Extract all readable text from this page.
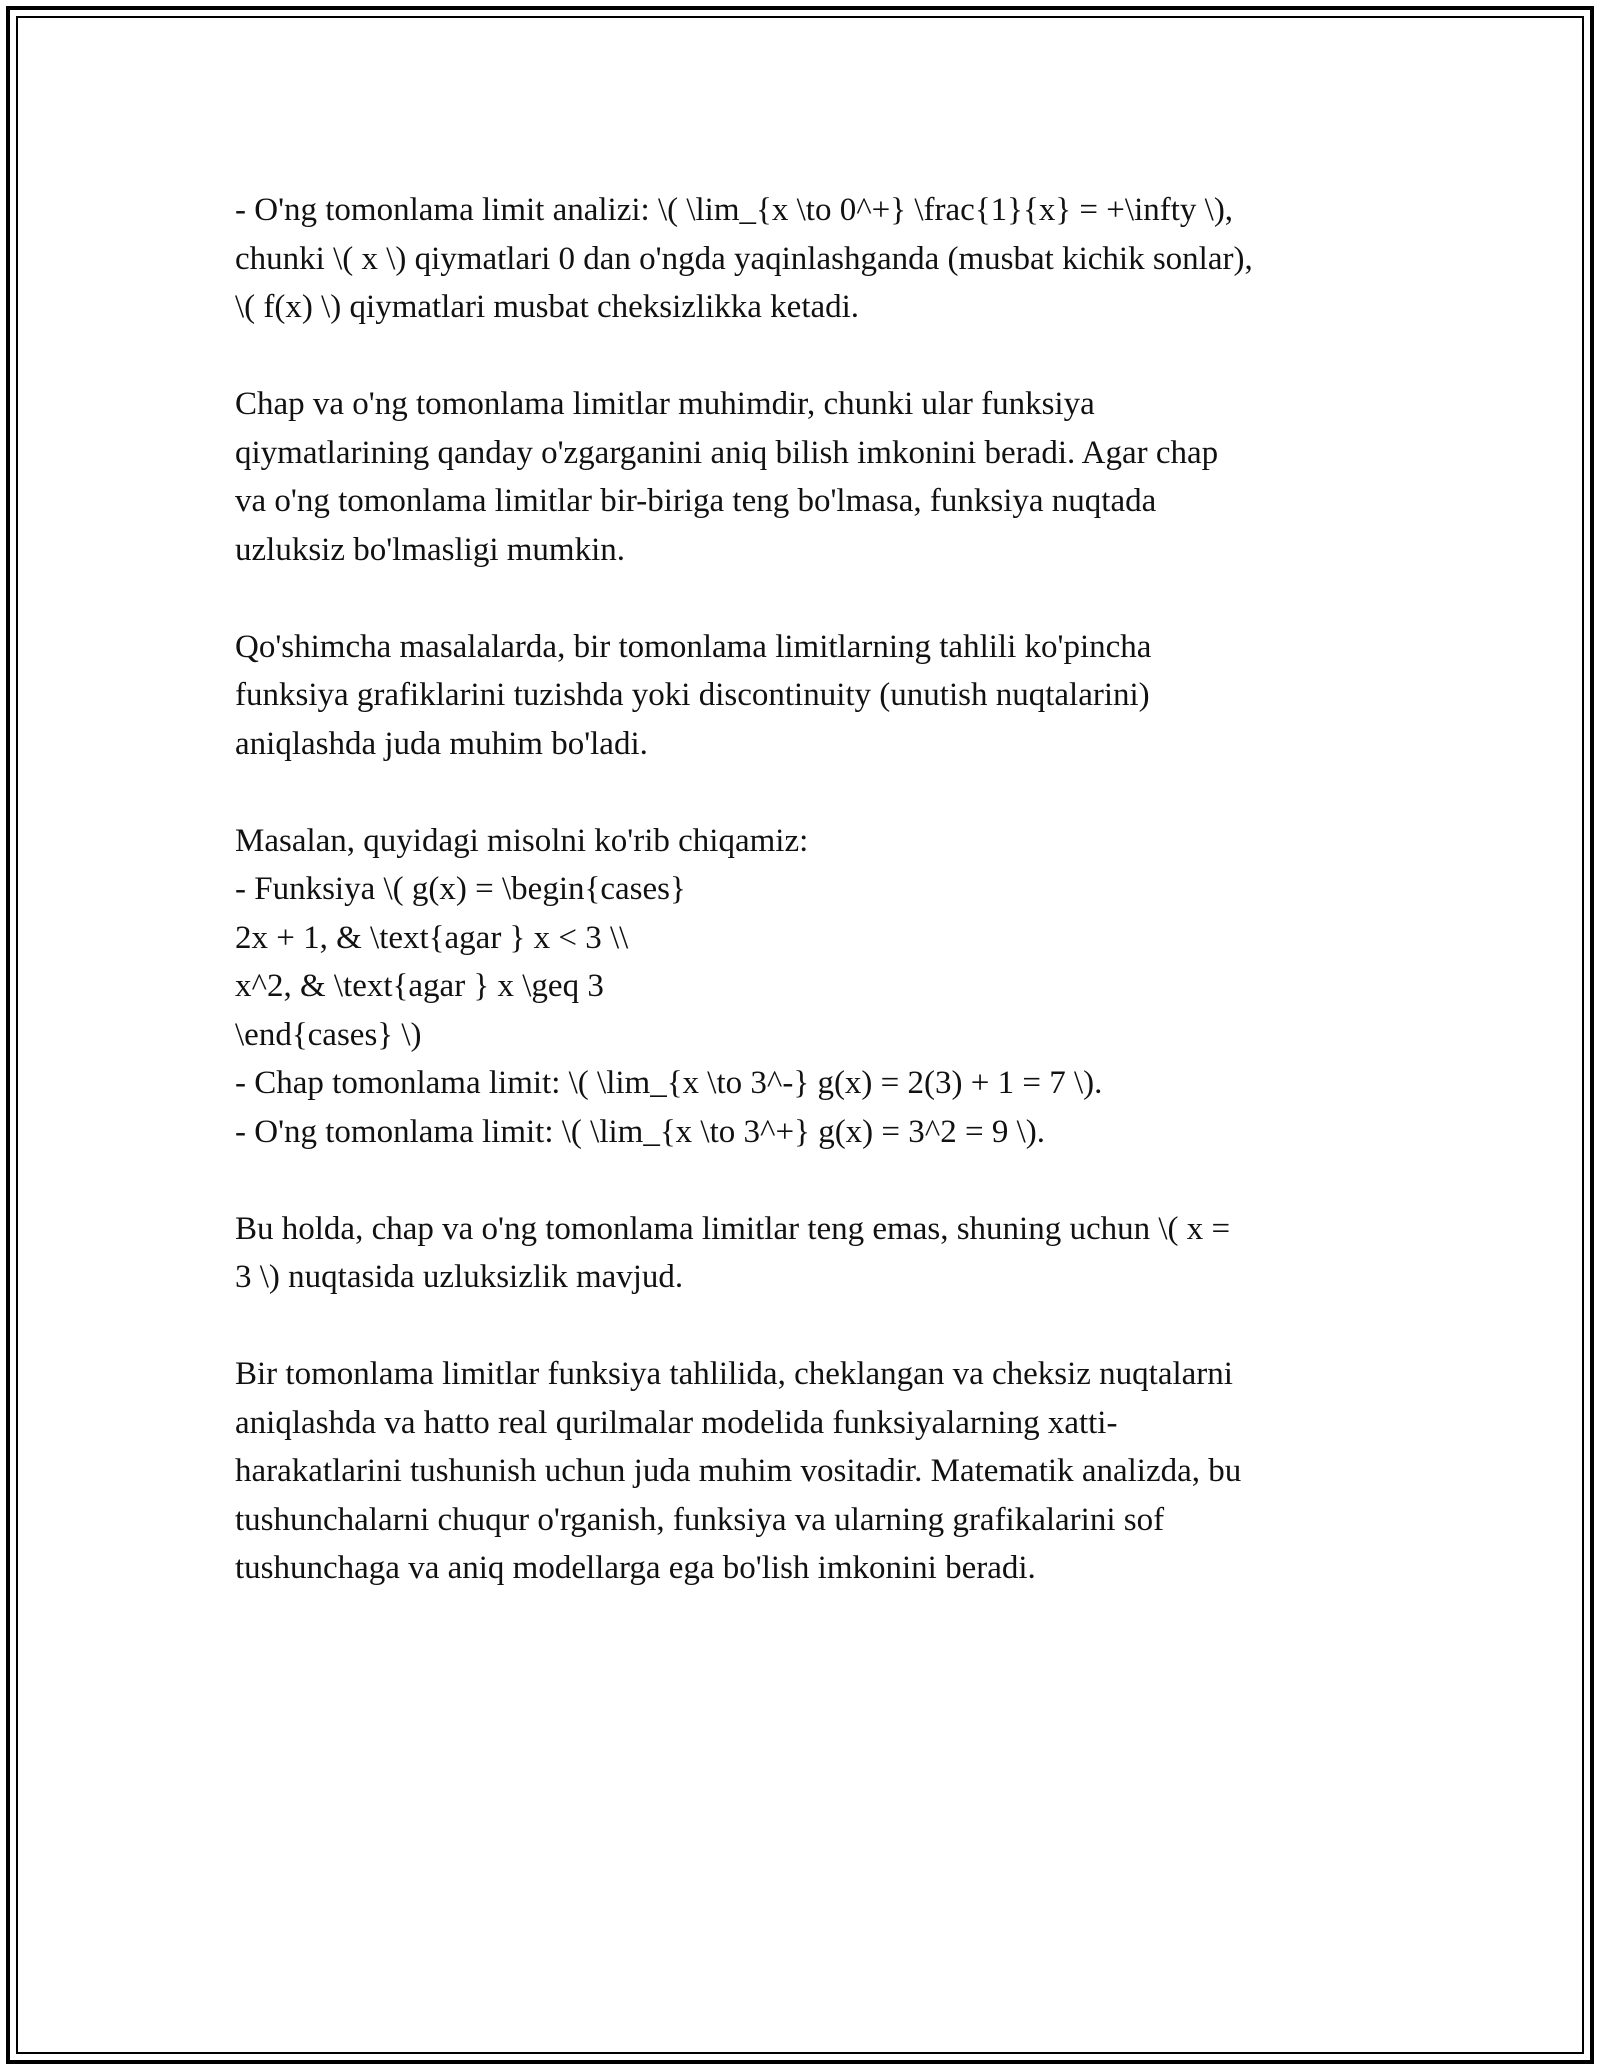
- O'ng tomonlama limit analizi: \( \lim_{x \to 0^+} \frac{1}{x} = +\infty \),
chunki \( x \) qiymatlari 0 dan o'ngda yaqinlashganda (musbat kichik sonlar),
\( f(x) \) qiymatlari musbat cheksizlikka ketadi.

Chap va o'ng tomonlama limitlar muhimdir, chunki ular funksiya
qiymatlarining qanday o'zgarganini aniq bilish imkonini beradi. Agar chap
va o'ng tomonlama limitlar bir-biriga teng bo'lmasa, funksiya nuqtada
uzluksiz bo'lmasligi mumkin.

Qo'shimcha masalalarda, bir tomonlama limitlarning tahlili ko'pincha
funksiya grafiklarini tuzishda yoki discontinuity (unutish nuqtalarini)
aniqlashda juda muhim bo'ladi.

Masalan, quyidagi misolni ko'rib chiqamiz:
- Funksiya \( g(x) = \begin{cases}
2x + 1, & \text{agar } x < 3 \\
x^2, & \text{agar } x \geq 3
\end{cases} \)
- Chap tomonlama limit: \( \lim_{x \to 3^-} g(x) = 2(3) + 1 = 7 \).
- O'ng tomonlama limit: \( \lim_{x \to 3^+} g(x) = 3^2 = 9 \).

Bu holda, chap va o'ng tomonlama limitlar teng emas, shuning uchun \( x =
3 \) nuqtasida uzluksizlik mavjud.

Bir tomonlama limitlar funksiya tahlilida, cheklangan va cheksiz nuqtalarni
aniqlashda va hatto real qurilmalar modelida funksiyalarning xatti-
harakatlarini tushunish uchun juda muhim vositadir. Matematik analizda, bu
tushunchalarni chuqur o'rganish, funksiya va ularning grafikalarini sof
tushunchaga va aniq modellarga ega bo'lish imkonini beradi.
